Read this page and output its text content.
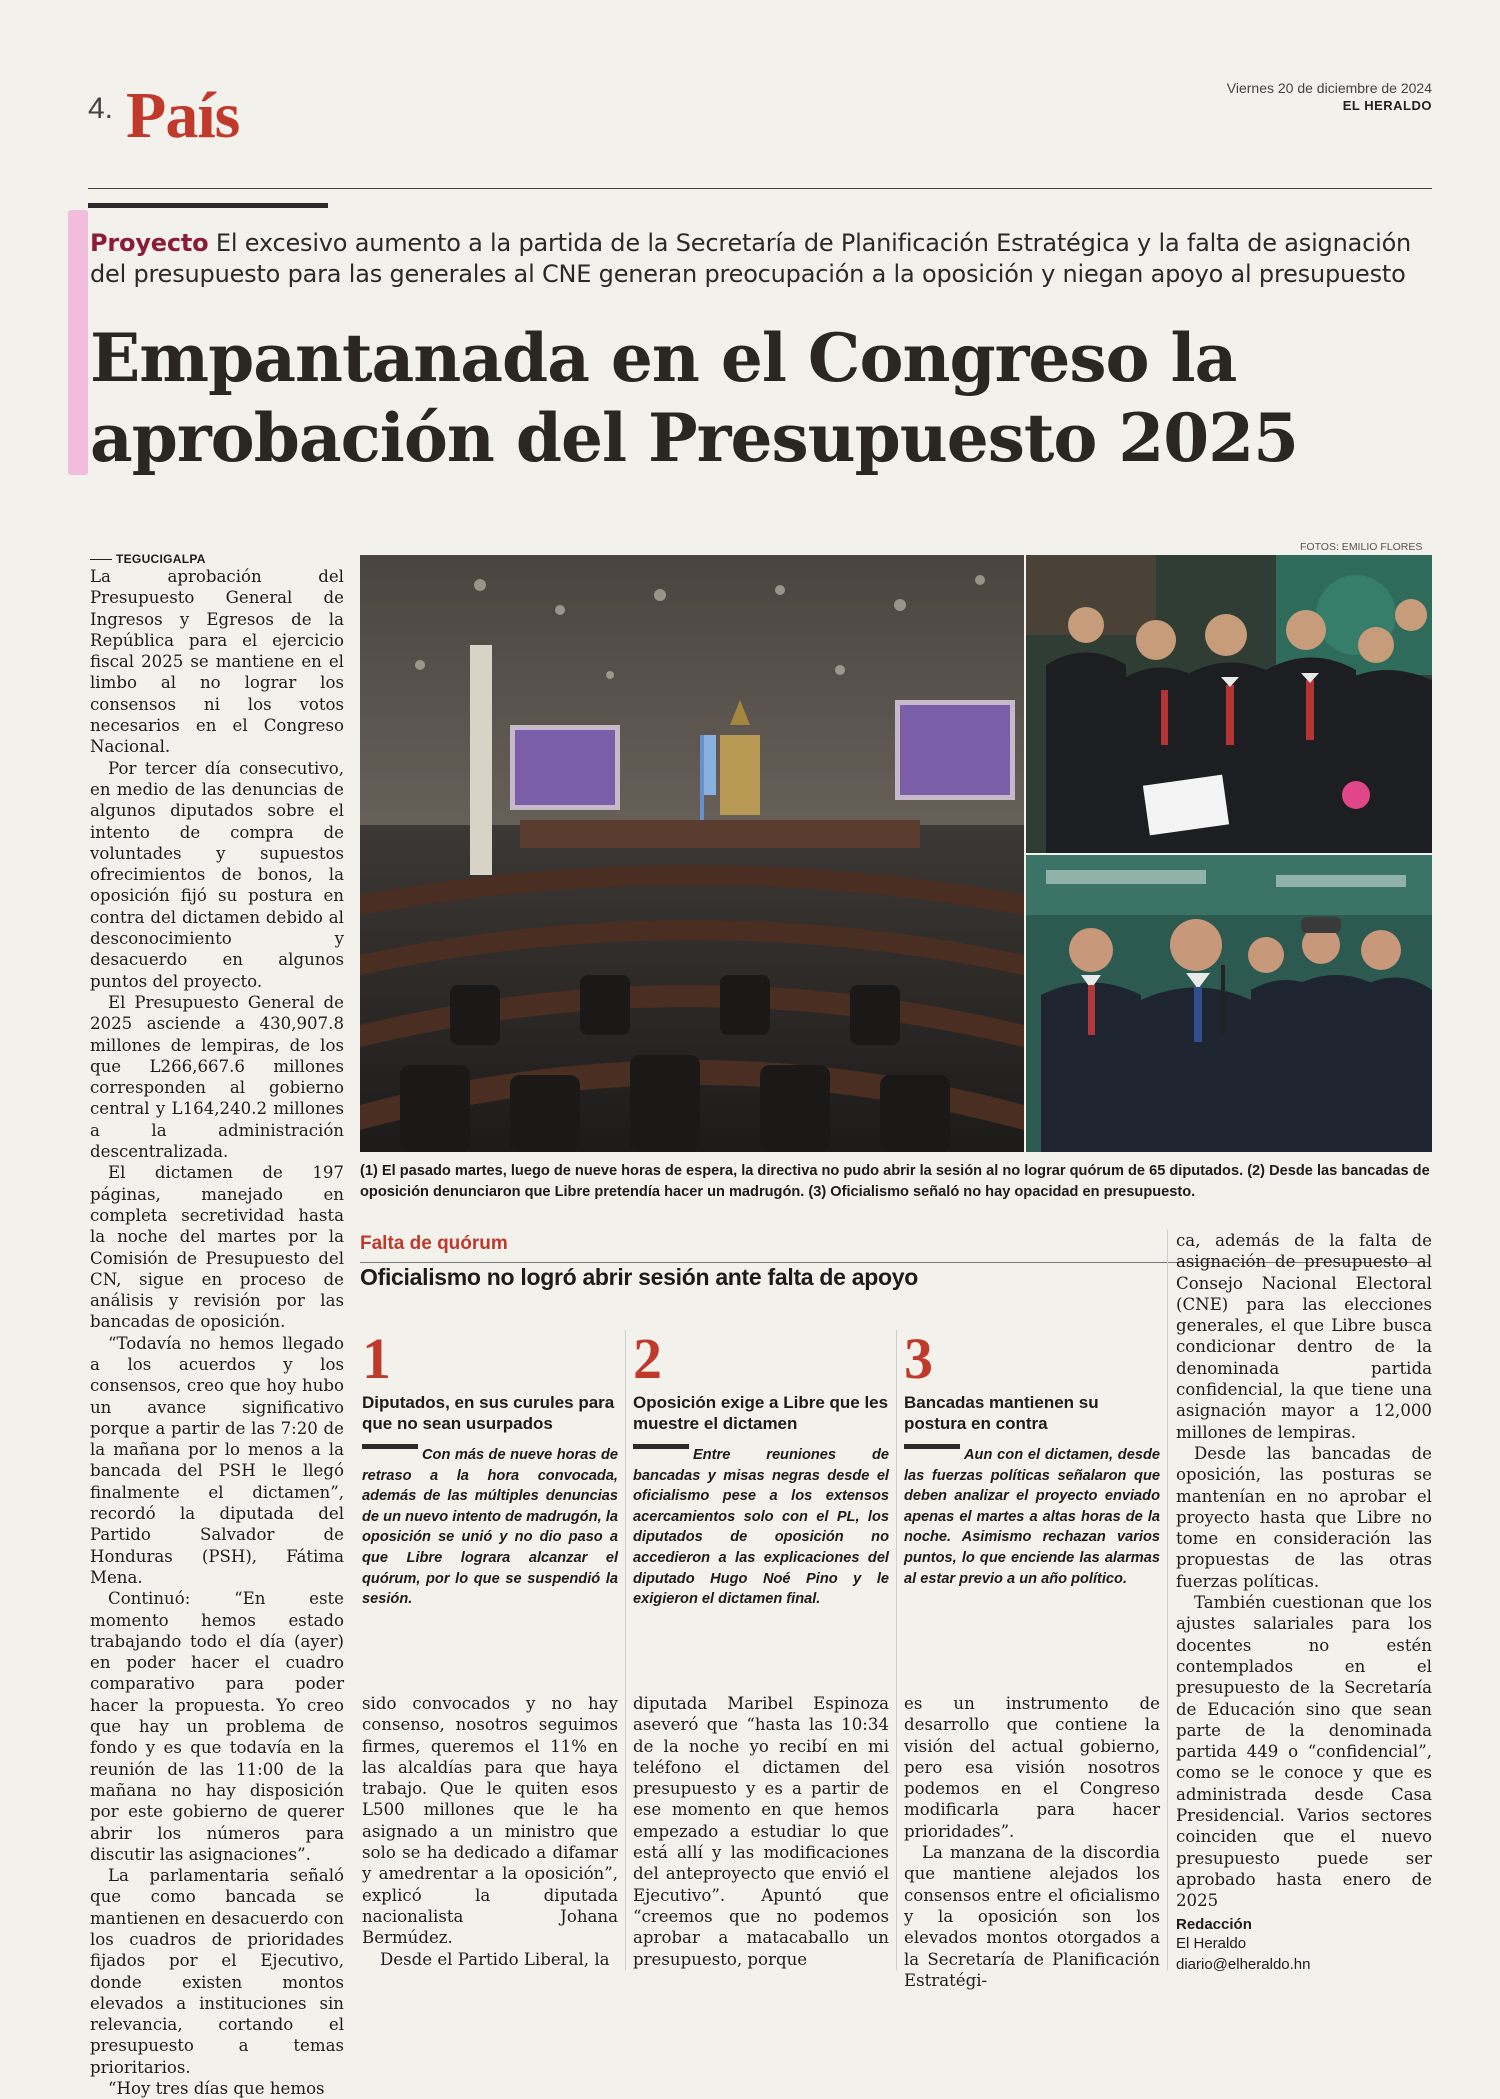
4. País	Viernes 20 de diciembre de 2024
EL HERALDO
Proyecto El excesivo aumento a la partida de la Secretaría de Planificación Estratégica y la falta de asignación del presupuesto para las generales al CNE generan preocupación a la oposición y niegan apoyo al presupuesto
Empantanada en el Congreso la
aprobación del Presupuesto 2025
TEGUCIGALPA

La aprobación del Presupuesto General de Ingresos y Egresos de la República para el ejercicio fiscal 2025 se mantiene en el limbo al no lograr los consensos ni los votos necesarios en el Congreso Nacional.

Por tercer día consecutivo, en medio de las denuncias de algunos diputados sobre el intento de compra de voluntades y supuestos ofrecimientos de bonos, la oposición fijó su postura en contra del dictamen debido al desconocimiento y desacuerdo en algunos puntos del proyecto.

El Presupuesto General de 2025 asciende a 430,907.8 millones de lempiras, de los que L266,667.6 millones corresponden al gobierno central y L164,240.2 millones a la administración descentralizada.

El dictamen de 197 páginas, manejado en completa secretividad hasta la noche del martes por la Comisión de Presupuesto del CN, sigue en proceso de análisis y revisión por las bancadas de oposición.

“Todavía no hemos llegado a los acuerdos y los consensos, creo que hoy hubo un avance significativo porque a partir de las 7:20 de la mañana por lo menos a la bancada del PSH le llegó finalmente el dictamen”, recordó la diputada del Partido Salvador de Honduras (PSH), Fátima Mena.

Continuó: “En este momento hemos estado trabajando todo el día (ayer) en poder hacer el cuadro comparativo para poder hacer la propuesta. Yo creo que hay un problema de fondo y es que todavía en la reunión de las 11:00 de la mañana no hay disposición por este gobierno de querer abrir los números para discutir las asignaciones”.

La parlamentaria señaló que como bancada se mantienen en desacuerdo con los cuadros de prioridades fijados por el Ejecutivo, donde existen montos elevados a instituciones sin relevancia, cortando el presupuesto a temas prioritarios.

“Hoy tres días que hemos

FOTOS: EMILIO FLORES
(1) El pasado martes, luego de nueve horas de espera, la directiva no pudo abrir la sesión al no lograr quórum de 65 diputados. (2) Desde las bancadas de oposición denunciaron que Libre pretendía hacer un madrugón. (3) Oficialismo señaló no hay opacidad en presupuesto.
Falta de quórum
Oficialismo no logró abrir sesión ante falta de apoyo
1
Diputados, en sus curules para que no sean usurpados
Con más de nueve horas de retraso a la hora convocada, además de las múltiples denuncias de un nuevo intento de madrugón, la oposición se unió y no dio paso a que Libre lograra alcanzar el quórum, por lo que se suspendió la sesión.
2
Oposición exige a Libre que les muestre el dictamen
Entre reuniones de bancadas y misas negras desde el oficialismo pese a los extensos acercamientos solo con el PL, los diputados de oposición no accedieron a las explicaciones del diputado Hugo Noé Pino y le exigieron el dictamen final.
3
Bancadas mantienen su postura en contra
Aun con el dictamen, desde las fuerzas políticas señalaron que deben analizar el proyecto enviado apenas el martes a altas horas de la noche. Asimismo rechazan varios puntos, lo que enciende las alarmas al estar previo a un año político.

sido convocados y no hay consenso, nosotros seguimos firmes, queremos el 11% en las alcaldías para que haya trabajo. Que le quiten esos L500 millones que le ha asignado a un ministro que solo se ha dedicado a difamar y amedrentar a la oposición”, explicó la diputada nacionalista Johana Bermúdez.

Desde el Partido Liberal, la

diputada Maribel Espinoza aseveró que “hasta las 10:34 de la noche yo recibí en mi teléfono el dictamen del presupuesto y es a partir de ese momento en que hemos empezado a estudiar lo que está allí y las modificaciones del anteproyecto que envió el Ejecutivo”. Apuntó que “creemos que no podemos aprobar a matacaballo un presupuesto, porque

es un instrumento de desarrollo que contiene la visión del actual gobierno, pero esa visión nosotros podemos en el Congreso modificarla para hacer prioridades”.

La manzana de la discordia que mantiene alejados los consensos entre el oficialismo y la oposición son los elevados montos otorgados a la Secretaría de Planificación Estratégi-

ca, además de la falta de asignación de presupuesto al Consejo Nacional Electoral (CNE) para las elecciones generales, el que Libre busca condicionar dentro de la denominada partida confidencial, la que tiene una asignación mayor a 12,000 millones de lempiras.

Desde las bancadas de oposición, las posturas se mantenían en no aprobar el proyecto hasta que Libre no tome en consideración las propuestas de las otras fuerzas políticas.

También cuestionan que los ajustes salariales para los docentes no estén contemplados en el presupuesto de la Secretaría de Educación sino que sean parte de la denominada partida 449 o “confidencial”, como se le conoce y que es administrada desde Casa Presidencial. Varios sectores coinciden que el nuevo presupuesto puede ser aprobado hasta enero de 2025

Redacción
El Heraldo
diario@elheraldo.hn
